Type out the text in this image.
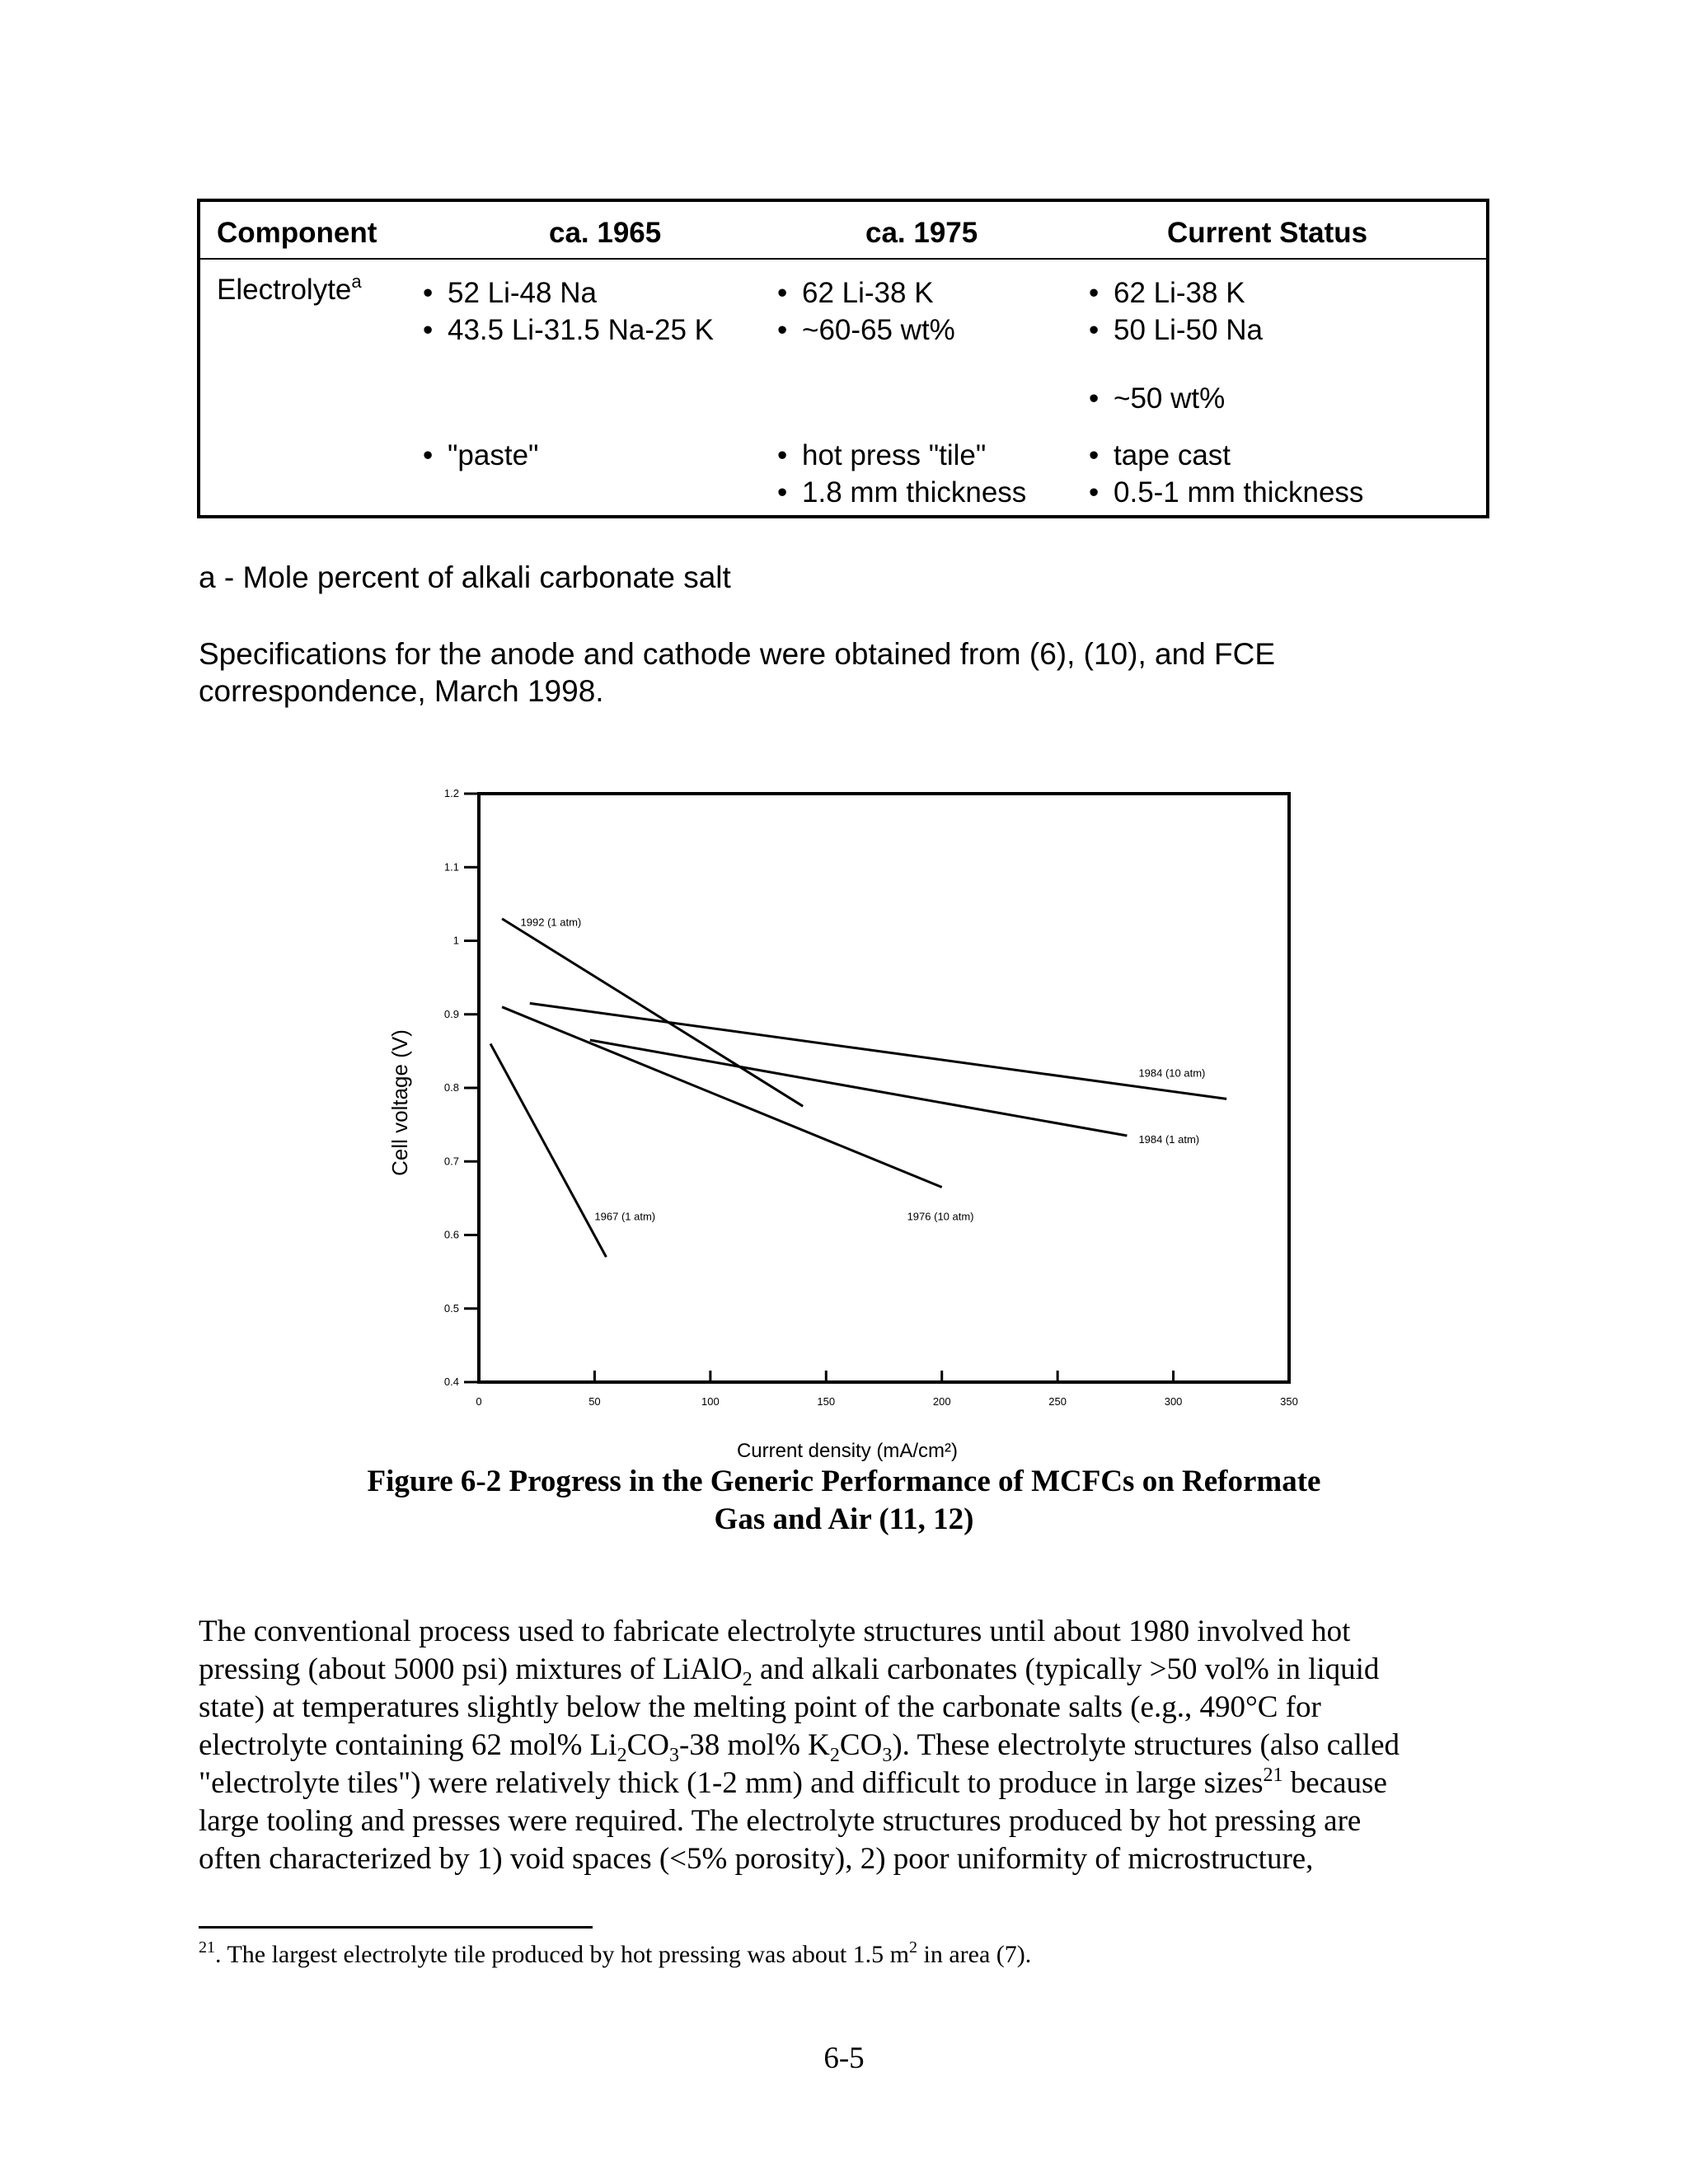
Component	ca. 1965	ca. 1975	Current Status
Electrolyte$^a$
•	52 Li-48 Na
• 43.5 Li-31.5 Na-25 K
• "paste"
• 62 Li-38 K
• ~60-65 wt%
• hot press "tile"
• 1.8 mm thickness
• 62 Li-38 K
• 50 Li-50 Na
• ~50 wt%
• tape cast
• 0.5-1 mm thickness
a - Mole percent of alkali carbonate salt
Specifications for the anode and cathode were obtained from (6), (10), and FCE
correspondence, March 1998.
0.4
0.5
0.6
0.7
0.8
0.9
1
1.1
1.2
0	50	100	150	200	250	300	350
1967 (1 atm)	1976 (10 atm)
1992 (1 atm)
1984 (10 atm)
1984 (1 atm)
Current density (mA/cm²)
Cell voltage (V)
Figure 6-2 Progress in the Generic Performance of MCFCs on Reformate
Gas and Air (11, 12)
The conventional process used to fabricate electrolyte structures until about 1980 involved hot
pressing (about 5000 psi) mixtures of LiAlO$_2$ and alkali carbonates (typically >50 vol% in liquid
state) at temperatures slightly below the melting point of the carbonate salts (e.g., 490°C for
electrolyte containing 62 mol% $Li_2CO_3-38$ mol% $K_2CO_3$). These electrolyte structures (also called
"electrolyte tiles") were relatively thick (1-2 mm) and difficult to produce in large sizes$^{21}$ because
large tooling and presses were required. The electrolyte structures produced by hot pressing are
often characterized by 1) void spaces (<5% porosity), 2) poor uniformity of microstructure,
$^{21}$. The largest electrolyte tile produced by hot pressing was about 1.5 m$^2$ in area (7).
6-5
